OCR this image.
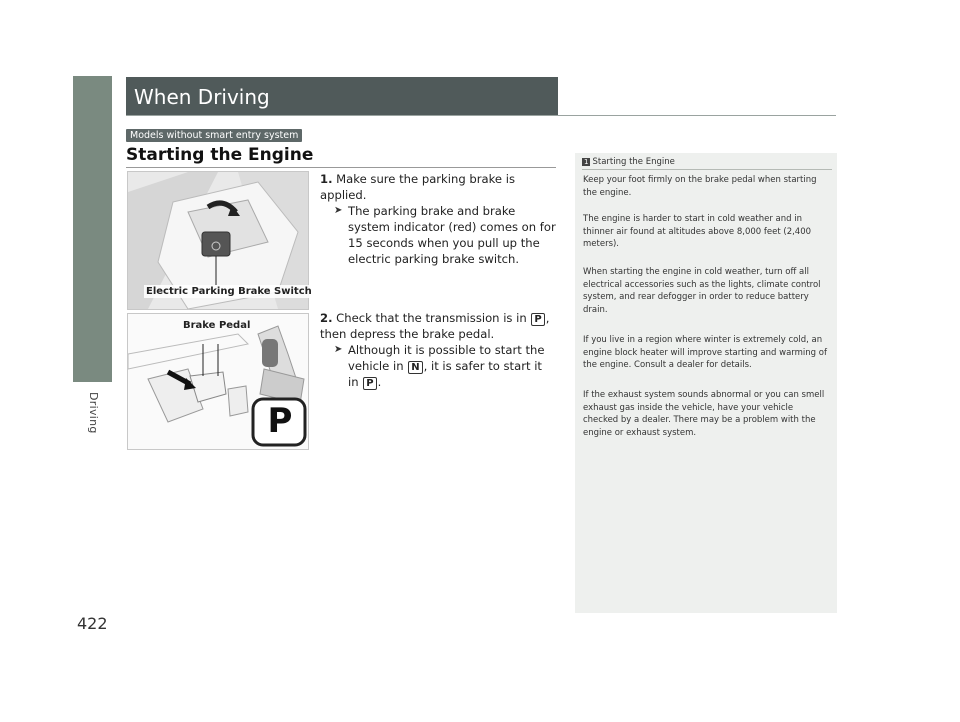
Driving
422
When Driving
Models without smart entry system
Starting the Engine
Electric Parking Brake Switch
P
Brake Pedal
1. Make sure the parking brake is applied.
➤ The parking brake and brake system indicator (red) comes on for 15 seconds when you pull up the electric parking brake switch.
2. Check that the transmission is in P , then depress the brake pedal.
➤ Although it is possible to start the vehicle in N , it is safer to start it in P .
1 Starting the Engine

Keep your foot firmly on the brake pedal when starting the engine.

The engine is harder to start in cold weather and in thinner air found at altitudes above 8,000 feet (2,400 meters).

When starting the engine in cold weather, turn off all electrical accessories such as the lights, climate control system, and rear defogger in order to reduce battery drain.

If you live in a region where winter is extremely cold, an engine block heater will improve starting and warming of the engine. Consult a dealer for details.

If the exhaust system sounds abnormal or you can smell exhaust gas inside the vehicle, have your vehicle checked by a dealer. There may be a problem with the engine or exhaust system.
